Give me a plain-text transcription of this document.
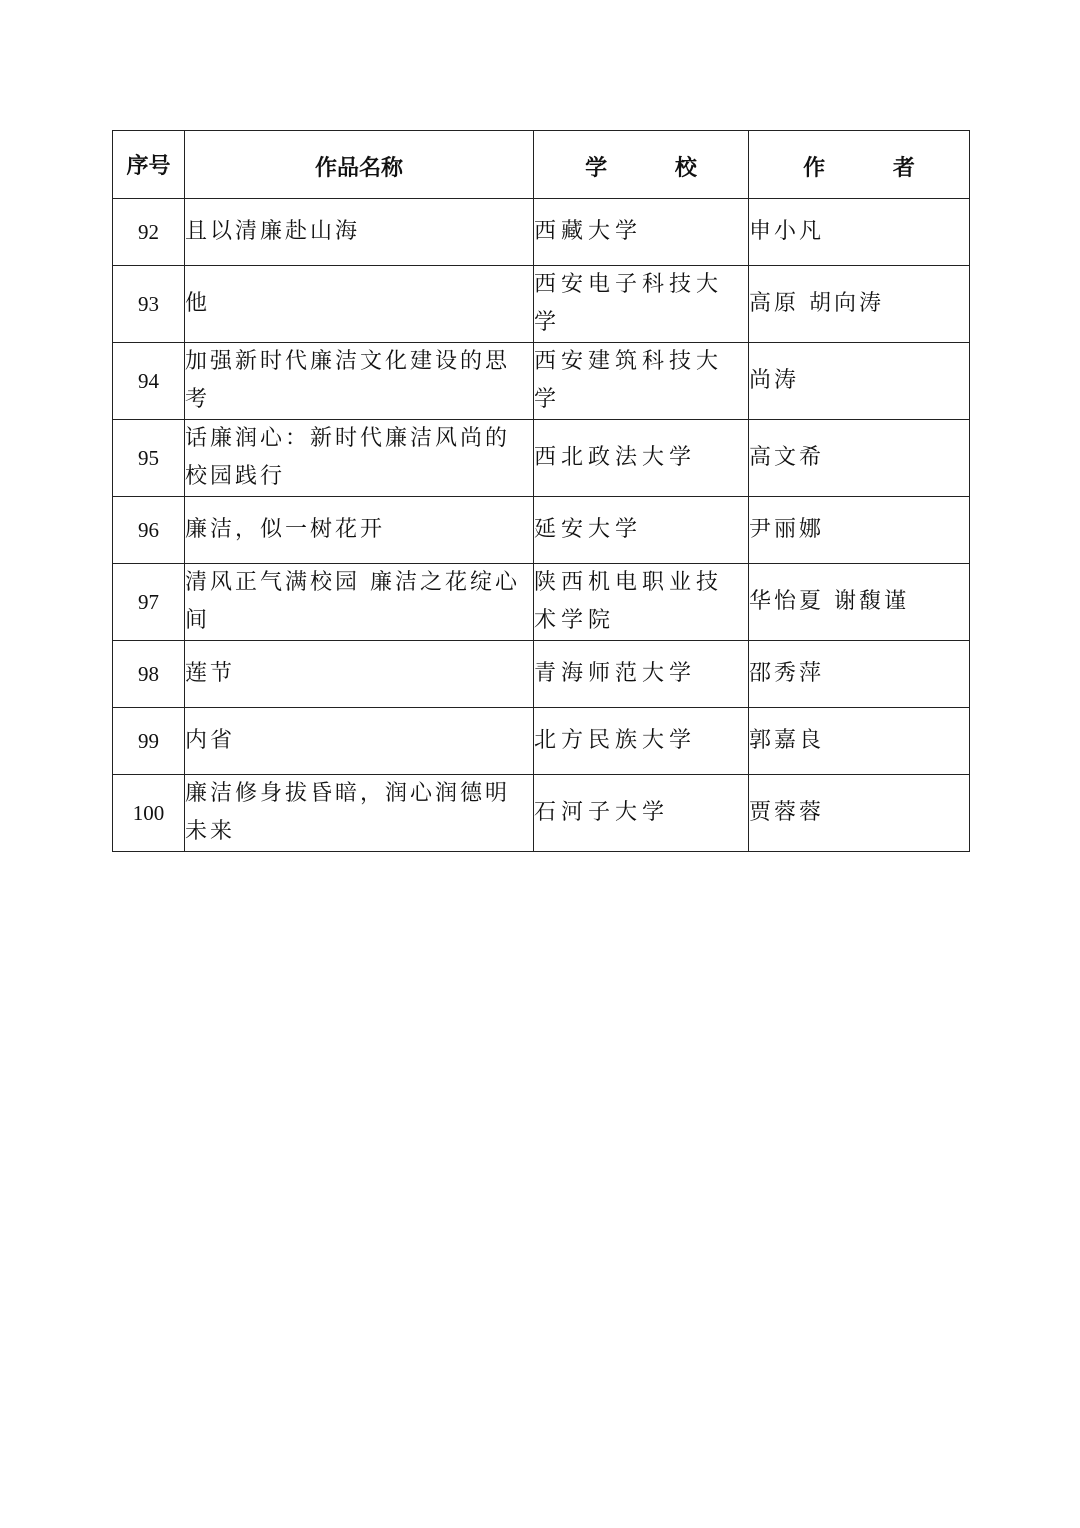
序号	作品名称	学 校	作 者
92	且以清廉赴山海	西藏大学	申小凡

93	他	西安电子科技大学	高原 胡向涛

94	加强新时代廉洁文化建设的思考	西安建筑科技大学	尚涛

95	话廉润心：新时代廉洁风尚的校园践行	西北政法大学	高文希

96	廉洁，似一树花开	延安大学	尹丽娜

97	清风正气满校园 廉洁之花绽心间	陕西机电职业技术学院	华怡夏 谢馥谨

98	莲节	青海师范大学	邵秀萍

99	内省	北方民族大学	郭嘉良

100	廉洁修身拔昏暗，润心润德明未来	石河子大学	贾蓉蓉
